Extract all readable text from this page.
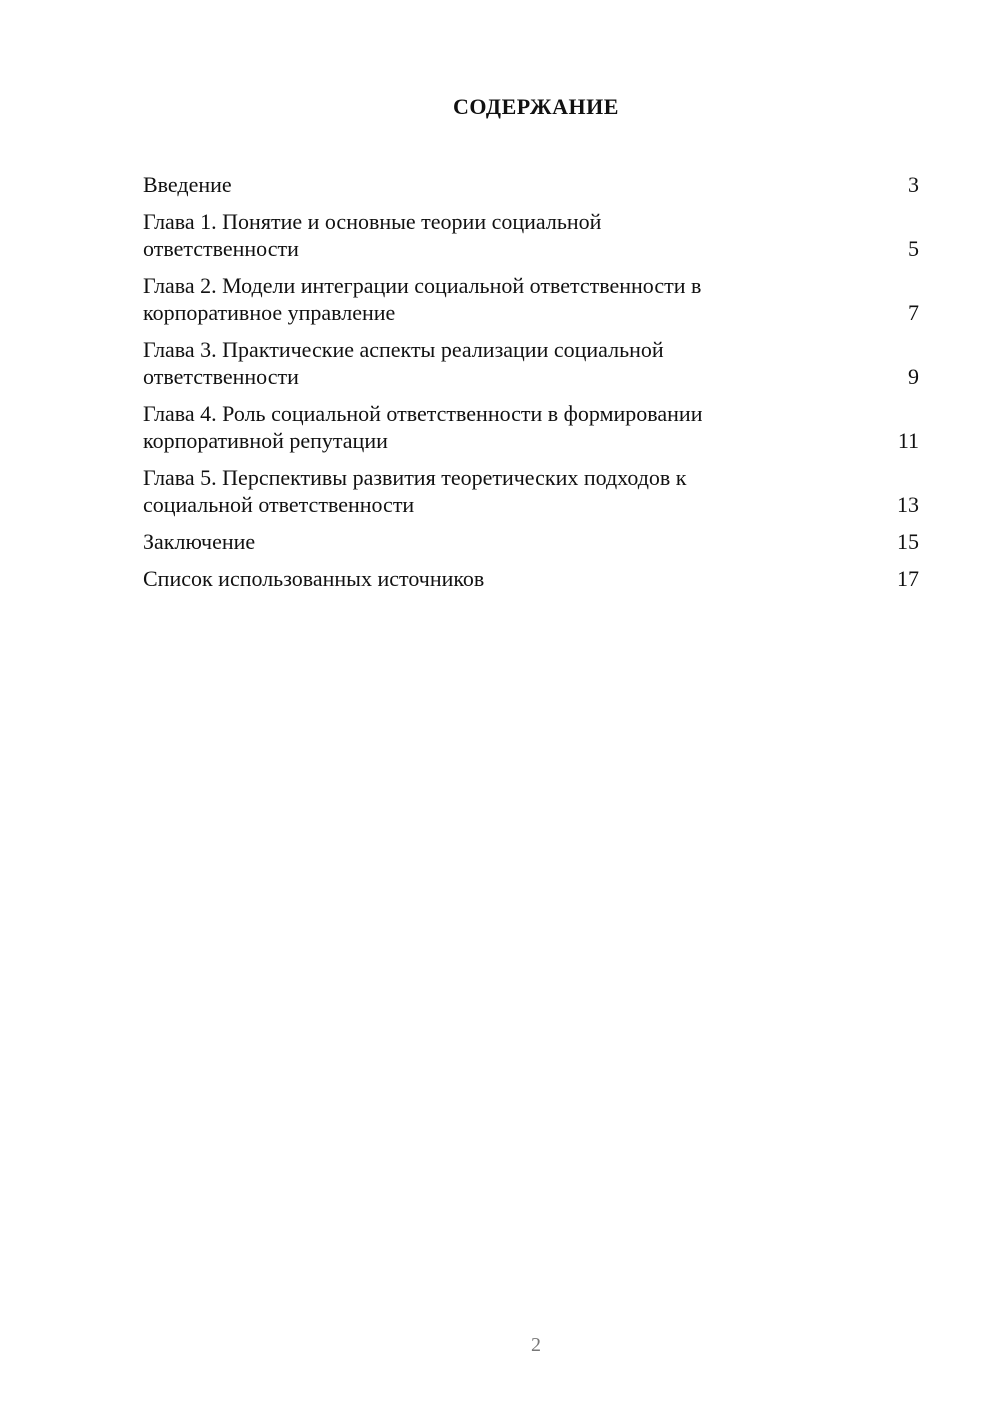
СОДЕРЖАНИЕ
Введение	3
Глава 1. Понятие и основные теории социальной
ответственности	5
Глава 2. Модели интеграции социальной ответственности в
корпоративное управление	7
Глава 3. Практические аспекты реализации социальной
ответственности	9
Глава 4. Роль социальной ответственности в формировании
корпоративной репутации	11
Глава 5. Перспективы развития теоретических подходов к
социальной ответственности	13
Заключение	15
Список использованных источников	17
2
